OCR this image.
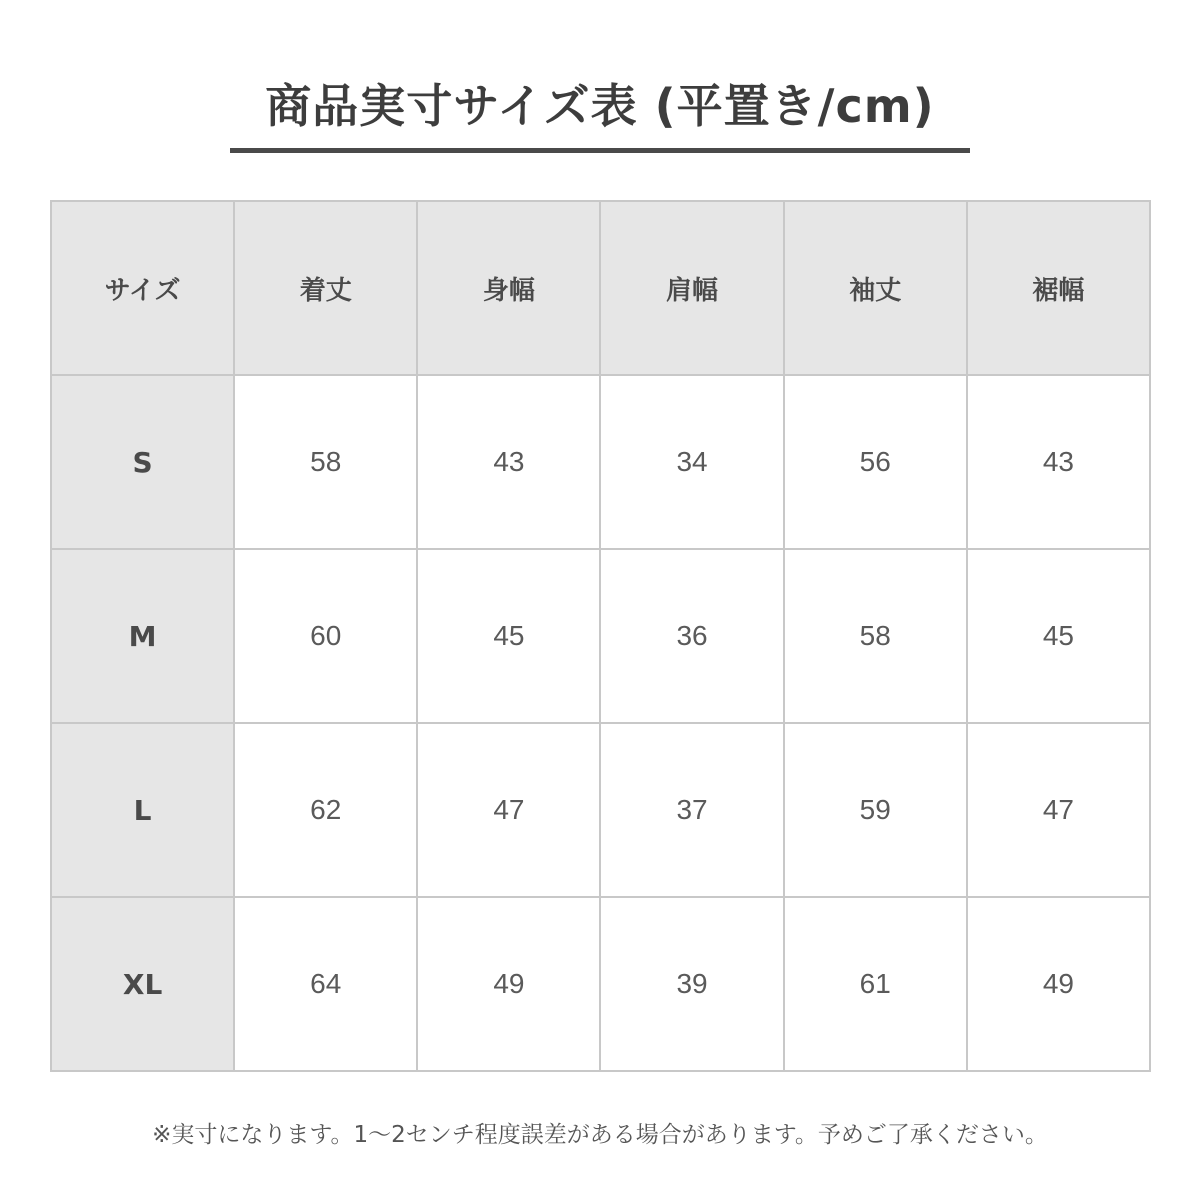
商品実寸サイズ表 (平置き/cm)
サイズ	着丈	身幅	肩幅	袖丈	裾幅
S	58	43	34	56	43
M	60	45	36	58	45
L	62	47	37	59	47
XL	64	49	39	61	49
※実寸になります。1〜2センチ程度誤差がある場合があります。予めご了承ください。
